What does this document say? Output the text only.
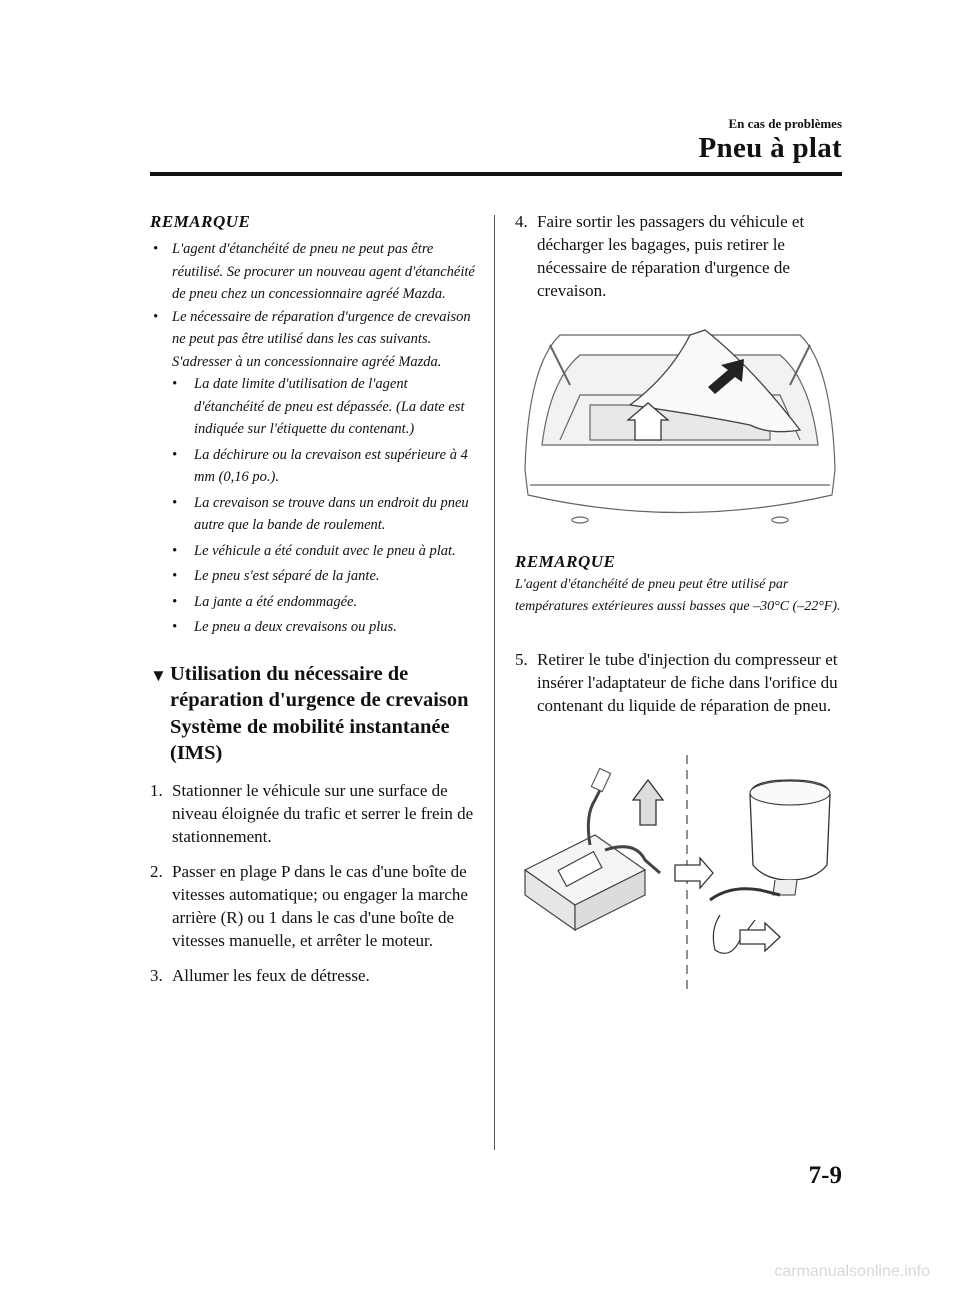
En cas de problèmes
Pneu à plat
REMARQUE

• L'agent d'étanchéité de pneu ne peut pas être réutilisé. Se procurer un nouveau agent d'étanchéité de pneu chez un concessionnaire agréé Mazda.

• Le nécessaire de réparation d'urgence de crevaison ne peut pas être utilisé dans les cas suivants.

S'adresser à un concessionnaire agréé Mazda.

• La date limite d'utilisation de l'agent d'étanchéité de pneu est dépassée. (La date est indiquée sur l'étiquette du contenant.)

• La déchirure ou la crevaison est supérieure à 4 mm (0,16 po.).

• La crevaison se trouve dans un endroit du pneu autre que la bande de roulement.

• Le véhicule a été conduit avec le pneu à plat.

• Le pneu s'est séparé de la jante.

• La jante a été endommagée.

• Le pneu a deux crevaisons ou plus.

▼ Utilisation du nécessaire de réparation d'urgence de crevaison Système de mobilité instantanée (IMS)
1. Stationner le véhicule sur une surface de niveau éloignée du trafic et serrer le frein de stationnement.
2. Passer en plage P dans le cas d'une boîte de vitesses automatique; ou engager la marche arrière (R) ou 1 dans le cas d'une boîte de vitesses manuelle, et arrêter le moteur.
3. Allumer les feux de détresse.
4. Faire sortir les passagers du véhicule et décharger les bagages, puis retirer le nécessaire de réparation d'urgence de crevaison.
REMARQUE
L'agent d'étanchéité de pneu peut être utilisé par températures extérieures aussi basses que –30°C (–22°F).
5. Retirer le tube d'injection du compresseur et insérer l'adaptateur de fiche dans l'orifice du contenant du liquide de réparation de pneu.
7-9
carmanualsonline.info
